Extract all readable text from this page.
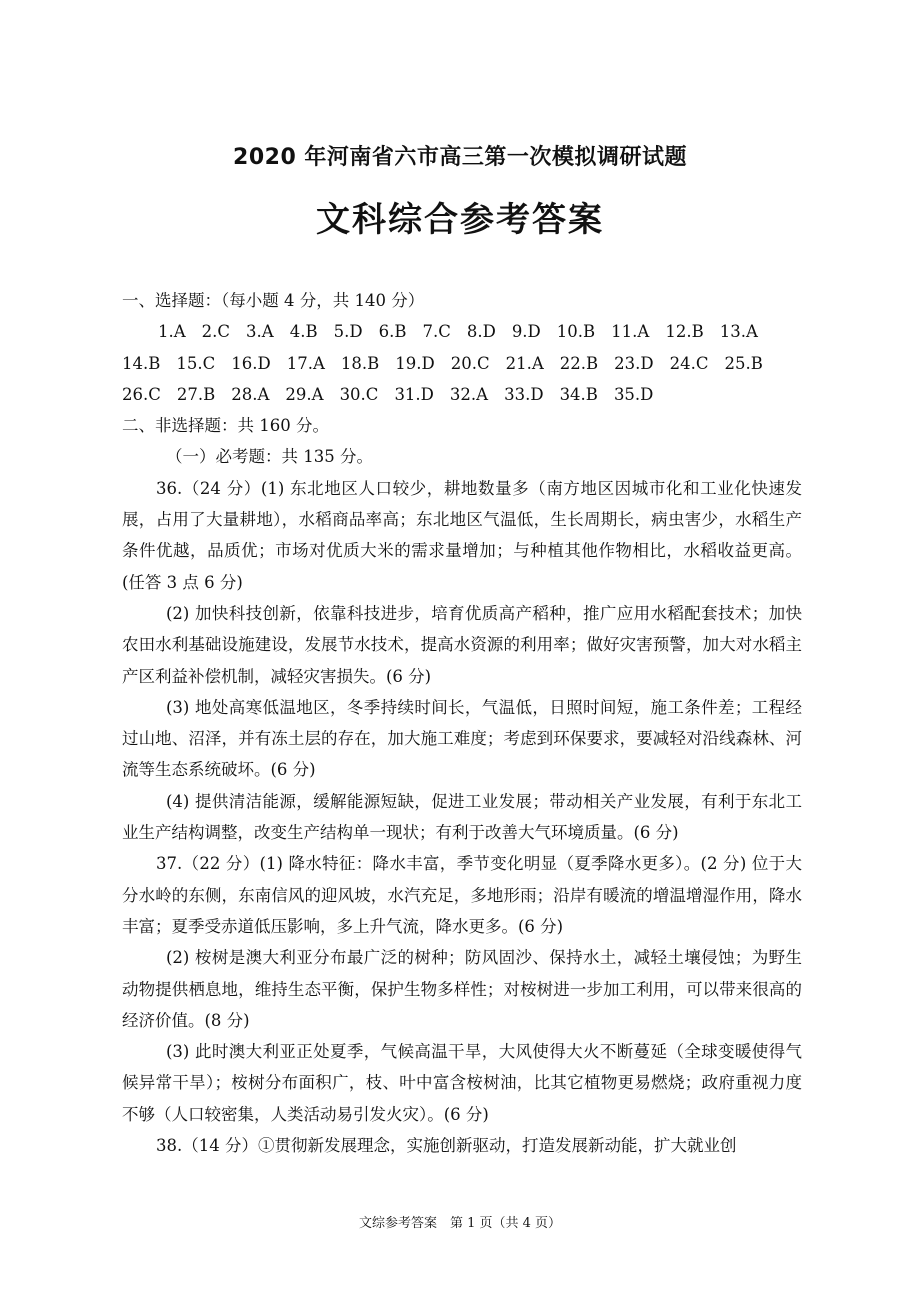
2020 年河南省六市高三第一次模拟调研试题
文科综合参考答案

一、选择题：（每小题 4 分，共 140 分）

1.A 2.C 3.A 4.B 5.D 6.B 7.C 8.D 9.D 10.B 11.A 12.B 13.A
14.B 15.C 16.D 17.A 18.B 19.D 20.C 21.A 22.B 23.D 24.C 25.B
26.C 27.B 28.A 29.A 30.C 31.D 32.A 33.D 34.B 35.D

二、非选择题：共 160 分。

（一）必考题：共 135 分。

36.（24 分）(1) 东北地区人口较少，耕地数量多（南方地区因城市化和工业化快速发展，占用了大量耕地），水稻商品率高；东北地区气温低，生长周期长，病虫害少，水稻生产条件优越，品质优；市场对优质大米的需求量增加；与种植其他作物相比，水稻收益更高。(任答 3 点 6 分)

(2) 加快科技创新，依靠科技进步，培育优质高产稻种，推广应用水稻配套技术；加快农田水利基础设施建设，发展节水技术，提高水资源的利用率；做好灾害预警，加大对水稻主产区利益补偿机制，减轻灾害损失。(6 分)

(3) 地处高寒低温地区，冬季持续时间长，气温低，日照时间短，施工条件差；工程经过山地、沼泽，并有冻土层的存在，加大施工难度；考虑到环保要求，要减轻对沿线森林、河流等生态系统破坏。(6 分)

(4) 提供清洁能源，缓解能源短缺，促进工业发展；带动相关产业发展，有利于东北工业生产结构调整，改变生产结构单一现状；有利于改善大气环境质量。(6 分)

37.（22 分）(1) 降水特征：降水丰富，季节变化明显（夏季降水更多）。(2 分) 位于大分水岭的东侧，东南信风的迎风坡，水汽充足，多地形雨；沿岸有暖流的增温增湿作用，降水丰富；夏季受赤道低压影响，多上升气流，降水更多。(6 分)

(2) 桉树是澳大利亚分布最广泛的树种；防风固沙、保持水土，减轻土壤侵蚀；为野生动物提供栖息地，维持生态平衡，保护生物多样性；对桉树进一步加工利用，可以带来很高的经济价值。(8 分)

(3) 此时澳大利亚正处夏季，气候高温干旱，大风使得大火不断蔓延（全球变暖使得气候异常干旱）；桉树分布面积广，枝、叶中富含桉树油，比其它植物更易燃烧；政府重视力度不够（人口较密集，人类活动易引发火灾）。(6 分)

38.（14 分）①贯彻新发展理念，实施创新驱动，打造发展新动能，扩大就业创

文综参考答案　第 1 页（共 4 页）
